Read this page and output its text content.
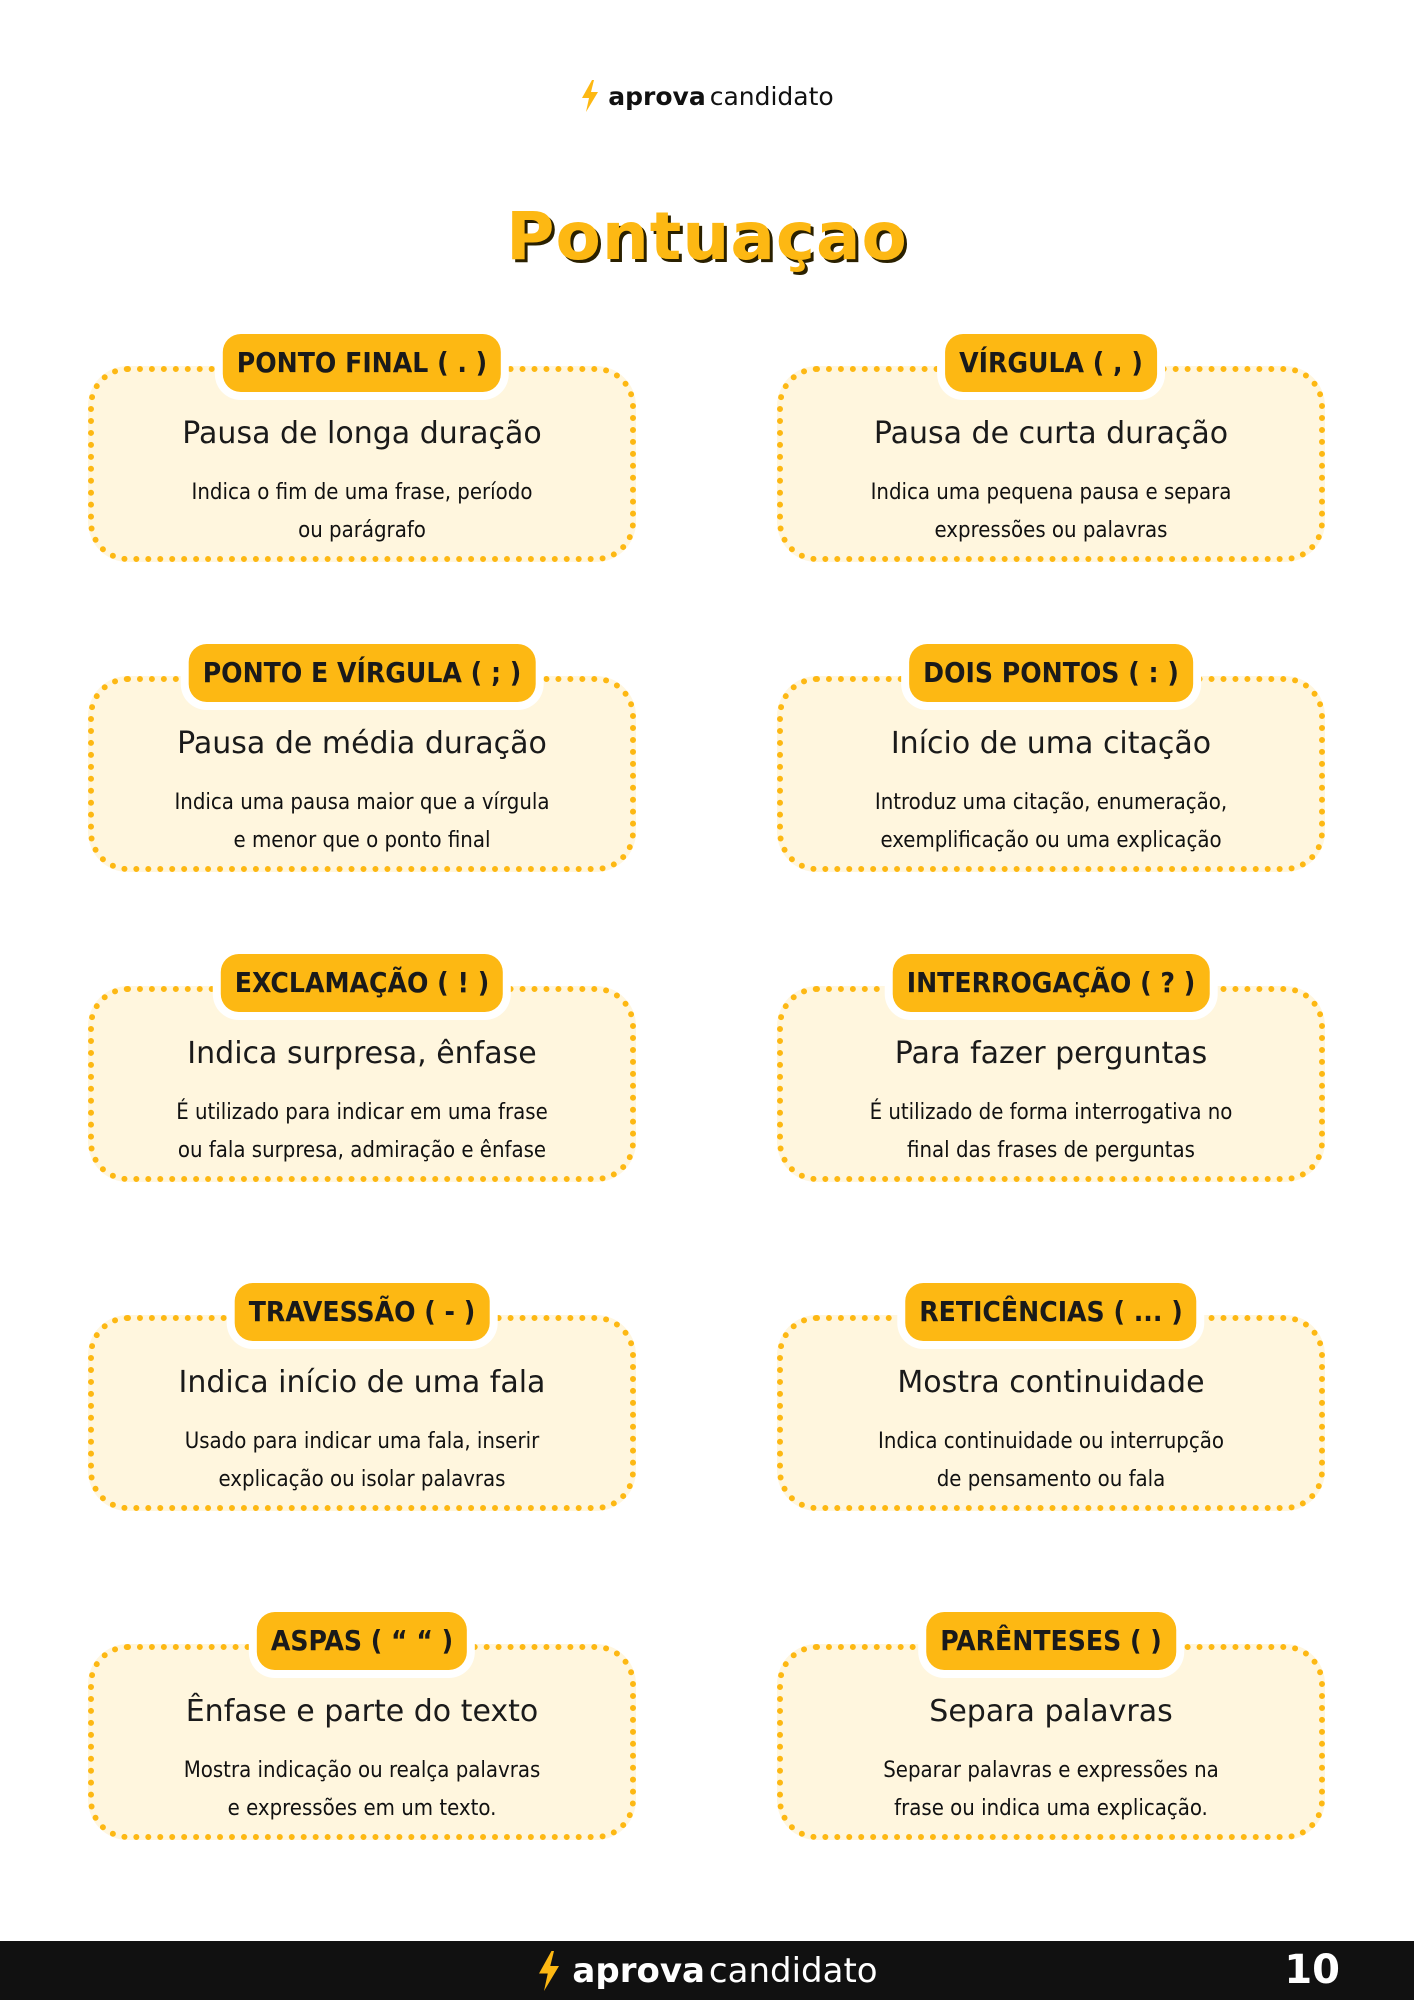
aprova candidato
Pontuaçao
PONTO FINAL ( . )
Pausa de longa duração
Indica o fim de uma frase, período
ou parágrafo
VÍRGULA ( , )
Pausa de curta duração
Indica uma pequena pausa e separa
expressões ou palavras
PONTO E VÍRGULA ( ; )
Pausa de média duração
Indica uma pausa maior que a vírgula
e menor que o ponto final
DOIS PONTOS ( : )
Início de uma citação
Introduz uma citação, enumeração,
exemplificação ou uma explicação
EXCLAMAÇÃO ( ! )
Indica surpresa, ênfase
É utilizado para indicar em uma frase
ou fala surpresa, admiração e ênfase
INTERROGAÇÃO ( ? )
Para fazer perguntas
É utilizado de forma interrogativa no
final das frases de perguntas
TRAVESSÃO ( - )
Indica início de uma fala
Usado para indicar uma fala, inserir
explicação ou isolar palavras
RETICÊNCIAS ( ... )
Mostra continuidade
Indica continuidade ou interrupção
de pensamento ou fala
ASPAS ( “ “ )
Ênfase e parte do texto
Mostra indicação ou realça palavras
e expressões em um texto.
PARÊNTESES ( )
Separa palavras
Separar palavras e expressões na
frase ou indica uma explicação.
aprova candidato	10
